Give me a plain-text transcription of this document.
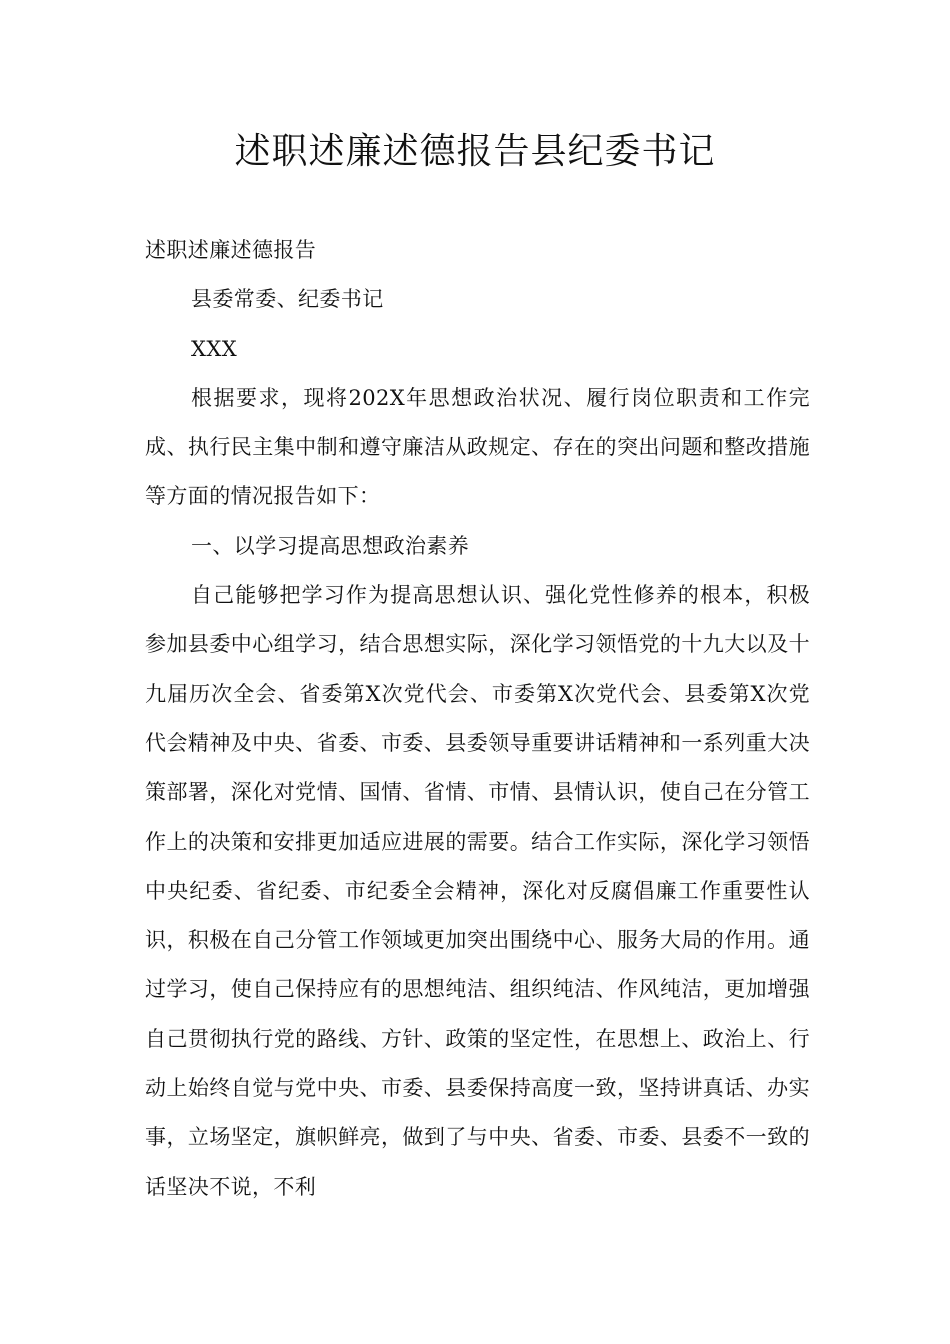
述职述廉述德报告县纪委书记

述职述廉述德报告

县委常委、纪委书记

XXX

根据要求，现将202X年思想政治状况、履行岗位职责和工作完成、执行民主集中制和遵守廉洁从政规定、存在的突出问题和整改措施等方面的情况报告如下：

一、以学习提高思想政治素养

自己能够把学习作为提高思想认识、强化党性修养的根本，积极参加县委中心组学习，结合思想实际，深化学习领悟党的十九大以及十九届历次全会、省委第X次党代会、市委第X次党代会、县委第X次党代会精神及中央、省委、市委、县委领导重要讲话精神和一系列重大决策部署，深化对党情、国情、省情、市情、县情认识，使自己在分管工作上的决策和安排更加适应进展的需要。结合工作实际，深化学习领悟中央纪委、省纪委、市纪委全会精神，深化对反腐倡廉工作重要性认识，积极在自己分管工作领域更加突出围绕中心、服务大局的作用。通过学习，使自己保持应有的思想纯洁、组织纯洁、作风纯洁，更加增强自己贯彻执行党的路线、方针、政策的坚定性，在思想上、政治上、行动上始终自觉与党中央、市委、县委保持高度一致，坚持讲真话、办实事，立场坚定，旗帜鲜亮，做到了与中央、省委、市委、县委不一致的话坚决不说，不利
